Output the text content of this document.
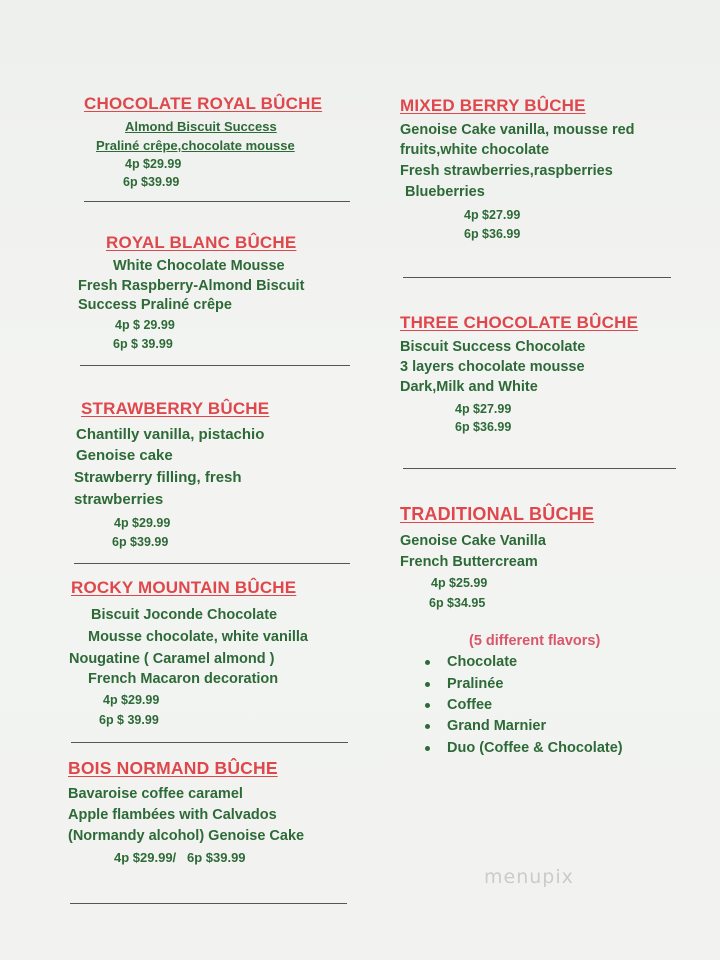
CHOCOLATE ROYAL BÛCHE
Almond Biscuit Success
Praliné crêpe,chocolate mousse
4p $29.99
6p $39.99
ROYAL BLANC BÛCHE
White Chocolate Mousse
Fresh Raspberry-Almond Biscuit
Success Praliné crêpe
4p $ 29.99
6p $ 39.99
STRAWBERRY BÛCHE
Chantilly vanilla, pistachio
Genoise cake
Strawberry filling, fresh
strawberries
4p $29.99
6p $39.99
ROCKY MOUNTAIN BÛCHE
Biscuit Joconde Chocolate
Mousse chocolate, white vanilla
Nougatine ( Caramel almond )
French Macaron decoration
4p $29.99
6p $ 39.99
BOIS NORMAND BÛCHE
Bavaroise coffee caramel
Apple flambées with Calvados
(Normandy alcohol) Genoise Cake
4p $29.99/   6p $39.99
MIXED BERRY BÛCHE
Genoise Cake vanilla, mousse red
fruits,white chocolate
Fresh strawberries,raspberries
Blueberries
4p $27.99
6p $36.99
THREE CHOCOLATE BÛCHE
Biscuit Success Chocolate
3 layers chocolate mousse
Dark,Milk and White
4p $27.99
6p $36.99
TRADITIONAL BÛCHE
Genoise Cake Vanilla
French Buttercream
4p $25.99
6p $34.95
(5 different flavors)
Chocolate
Pralinée
Coffee
Grand Marnier
Duo (Coffee & Chocolate)
menupix
